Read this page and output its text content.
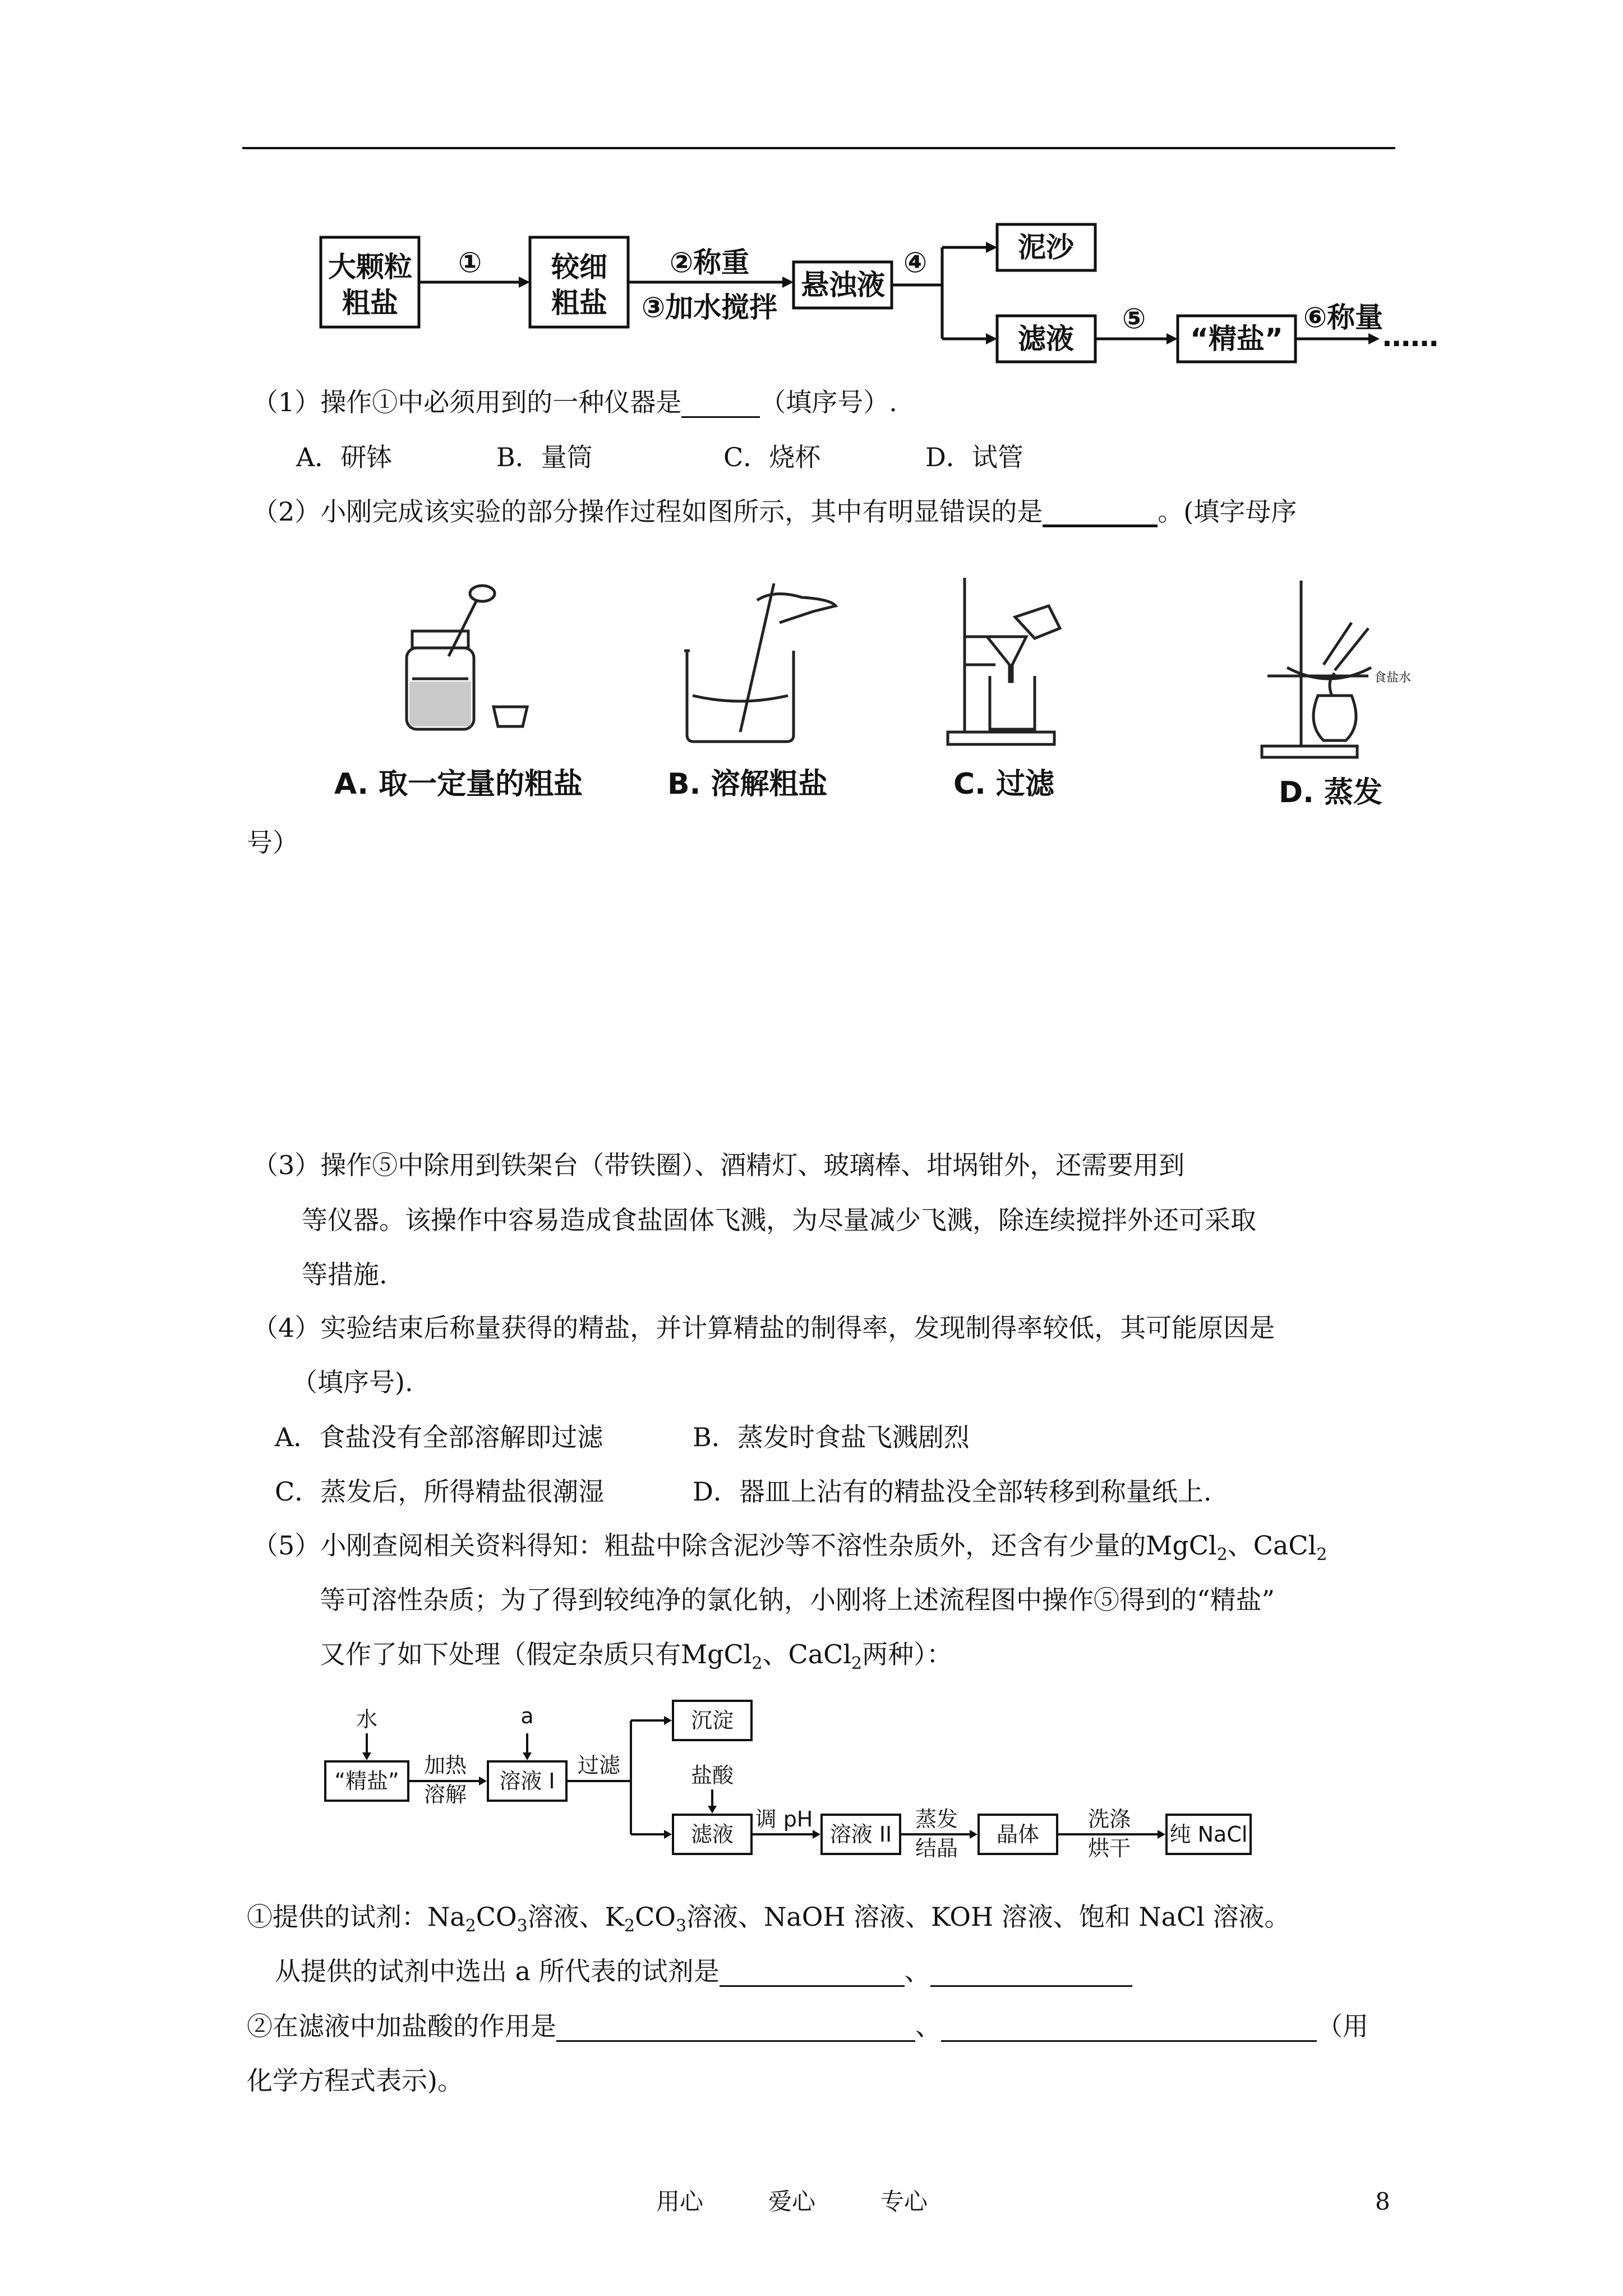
大颗粒
粗盐
① 较细
粗盐
②称重
③加水搅拌
悬浊液
④	泥沙
滤液
⑤
“精盐”
⑥称量
……
（1）操作①中必须用到的一种仪器是	（填序号）.
A．研钵	B．量筒	C．烧杯	D．试管
（2）小刚完成该实验的部分操作过程如图所示，其中有明显错误的是	。(填字母序
食盐水
A. 取一定量的粗盐	B. 溶解粗盐	C. 过滤	D. 蒸发
号）
（3）操作⑤中除用到铁架台（带铁圈）、酒精灯、玻璃棒、坩埚钳外，还需要用到
等仪器。该操作中容易造成食盐固体飞溅，为尽量减少飞溅，除连续搅拌外还可采取
等措施.
（4）实验结束后称量获得的精盐，并计算精盐的制得率，发现制得率较低，其可能原因是
（填序号).
A．食盐没有全部溶解即过滤	B．蒸发时食盐飞溅剧烈
C．蒸发后，所得精盐很潮湿	D．器皿上沾有的精盐没全部转移到称量纸上.
（5）小刚查阅相关资料得知：粗盐中除含泥沙等不溶性杂质外，还含有少量的MgCl$_2$、CaCl$_2$
等可溶性杂质；为了得到较纯净的氯化钠，小刚将上述流程图中操作⑤得到的“精盐”
又作了如下处理（假定杂质只有MgCl$_2$、CaCl$_2$两种）：
水	a
“精盐”
加热
溶解
溶液 I
过滤
沉淀
盐酸
滤液
调 pH
溶液 II
蒸发
结晶
晶体
洗涤
烘干
纯 NaCl
①提供的试剂：$Na_2CO_3$溶液、$K_2CO_3$溶液、NaOH 溶液、KOH 溶液、饱和 NaCl 溶液。
从提供的试剂中选出 a 所代表的试剂是	、
②在滤液中加盐酸的作用是	、	（用
化学方程式表示)。
用心	爱心	专心	8
